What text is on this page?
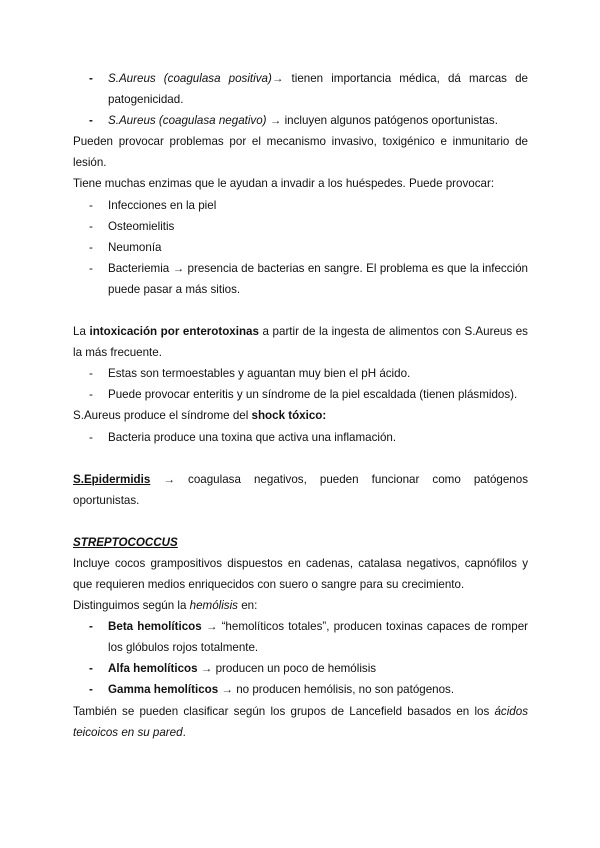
- S.Aureus (coagulasa positiva)→ tienen importancia médica, dá marcas de patogenicidad.
- S.Aureus (coagulasa negativo) → incluyen algunos patógenos oportunistas.

Pueden provocar problemas por el mecanismo invasivo, toxigénico e inmunitario de lesión.

Tiene muchas enzimas que le ayudan a invadir a los huéspedes. Puede provocar:

- Infecciones en la piel
- Osteomielitis
- Neumonía
- Bacteriemia → presencia de bacterias en sangre. El problema es que la infección puede pasar a más sitios.

La intoxicación por enterotoxinas a partir de la ingesta de alimentos con S.Aureus es la más frecuente.

- Estas son termoestables y aguantan muy bien el pH ácido.
- Puede provocar enteritis y un síndrome de la piel escaldada (tienen plásmidos).

S.Aureus produce el síndrome del shock tóxico:

- Bacteria produce una toxina que activa una inflamación.

S.Epidermidis → coagulasa negativos, pueden funcionar como patógenos oportunistas.

STREPTOCOCCUS

Incluye cocos grampositivos dispuestos en cadenas, catalasa negativos, capnófilos y que requieren medios enriquecidos con suero o sangre para su crecimiento.

Distinguimos según la hemólisis en:

- Beta hemolíticos → “hemolíticos totales”, producen toxinas capaces de romper los glóbulos rojos totalmente.
- Alfa hemolíticos → producen un poco de hemólisis
- Gamma hemolíticos → no producen hemólisis, no son patógenos.

También se pueden clasificar según los grupos de Lancefield basados en los ácidos teicoicos en su pared.
